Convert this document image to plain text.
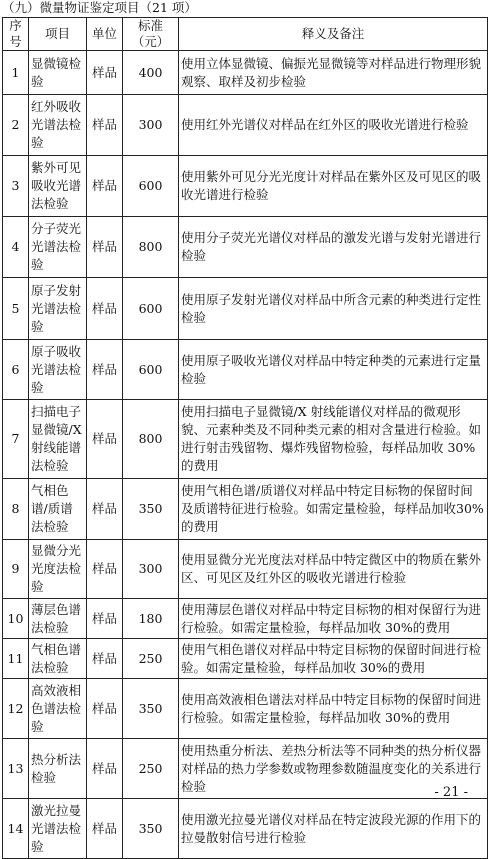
（九）微量物证鉴定项目（21 项）
序号	项目	单位	标准（元）	释义及备注
1	显微镜检验	样品	400	使用立体显微镜、偏振光显微镜等对样品进行物理形貌观察、取样及初步检验
2	红外吸收光谱法检验	样品	300	使用红外光谱仪对样品在红外区的吸收光谱进行检验
3	紫外可见吸收光谱法检验	样品	600	使用紫外可见分光光度计对样品在紫外区及可见区的吸收光谱进行检验
4	分子荧光光谱法检验	样品	800	使用分子荧光光谱仪对样品的激发光谱与发射光谱进行检验
5	原子发射光谱法检验	样品	600	使用原子发射光谱仪对样品中所含元素的种类进行定性检验
6	原子吸收光谱法检验	样品	600	使用原子吸收光谱仪对样品中特定种类的元素进行定量检验
7	扫描电子显微镜/X射线能谱法检验	样品	800	使用扫描电子显微镜/X 射线能谱仪对样品的微观形貌、元素种类及不同种类元素的相对含量进行检验。如进行射击残留物、爆炸残留物检验，每样品加收 30%的费用
8	气相色谱/质谱法检验	样品	350	使用气相色谱/质谱仪对样品中特定目标物的保留时间及质谱特征进行检验。如需定量检验，每样品加收30%的费用
9	显微分光光度法检验	样品	300	使用显微分光光度法对样品中特定微区中的物质在紫外区、可见区及红外区的吸收光谱进行检验
10	薄层色谱法检验	样品	180	使用薄层色谱仪对样品中特定目标物的相对保留行为进行检验。如需定量检验，每样品加收 30%的费用
11	气相色谱法检验	样品	250	使用气相色谱仪对样品中特定目标物的保留时间进行检验。如需定量检验，每样品加收 30%的费用
12	高效液相色谱法检验	样品	350	使用高效液相色谱法对样品中特定目标物的保留时间进行检验。如需定量检验，每样品加收 30%的费用
13	热分析法检验	样品	250	使用热重分析法、差热分析法等不同种类的热分析仪器对样品的热力学参数或物理参数随温度变化的关系进行检验
14	激光拉曼光谱法检验	样品	350	使用激光拉曼光谱仪对样品在特定波段光源的作用下的拉曼散射信号进行检验
- 21 -
